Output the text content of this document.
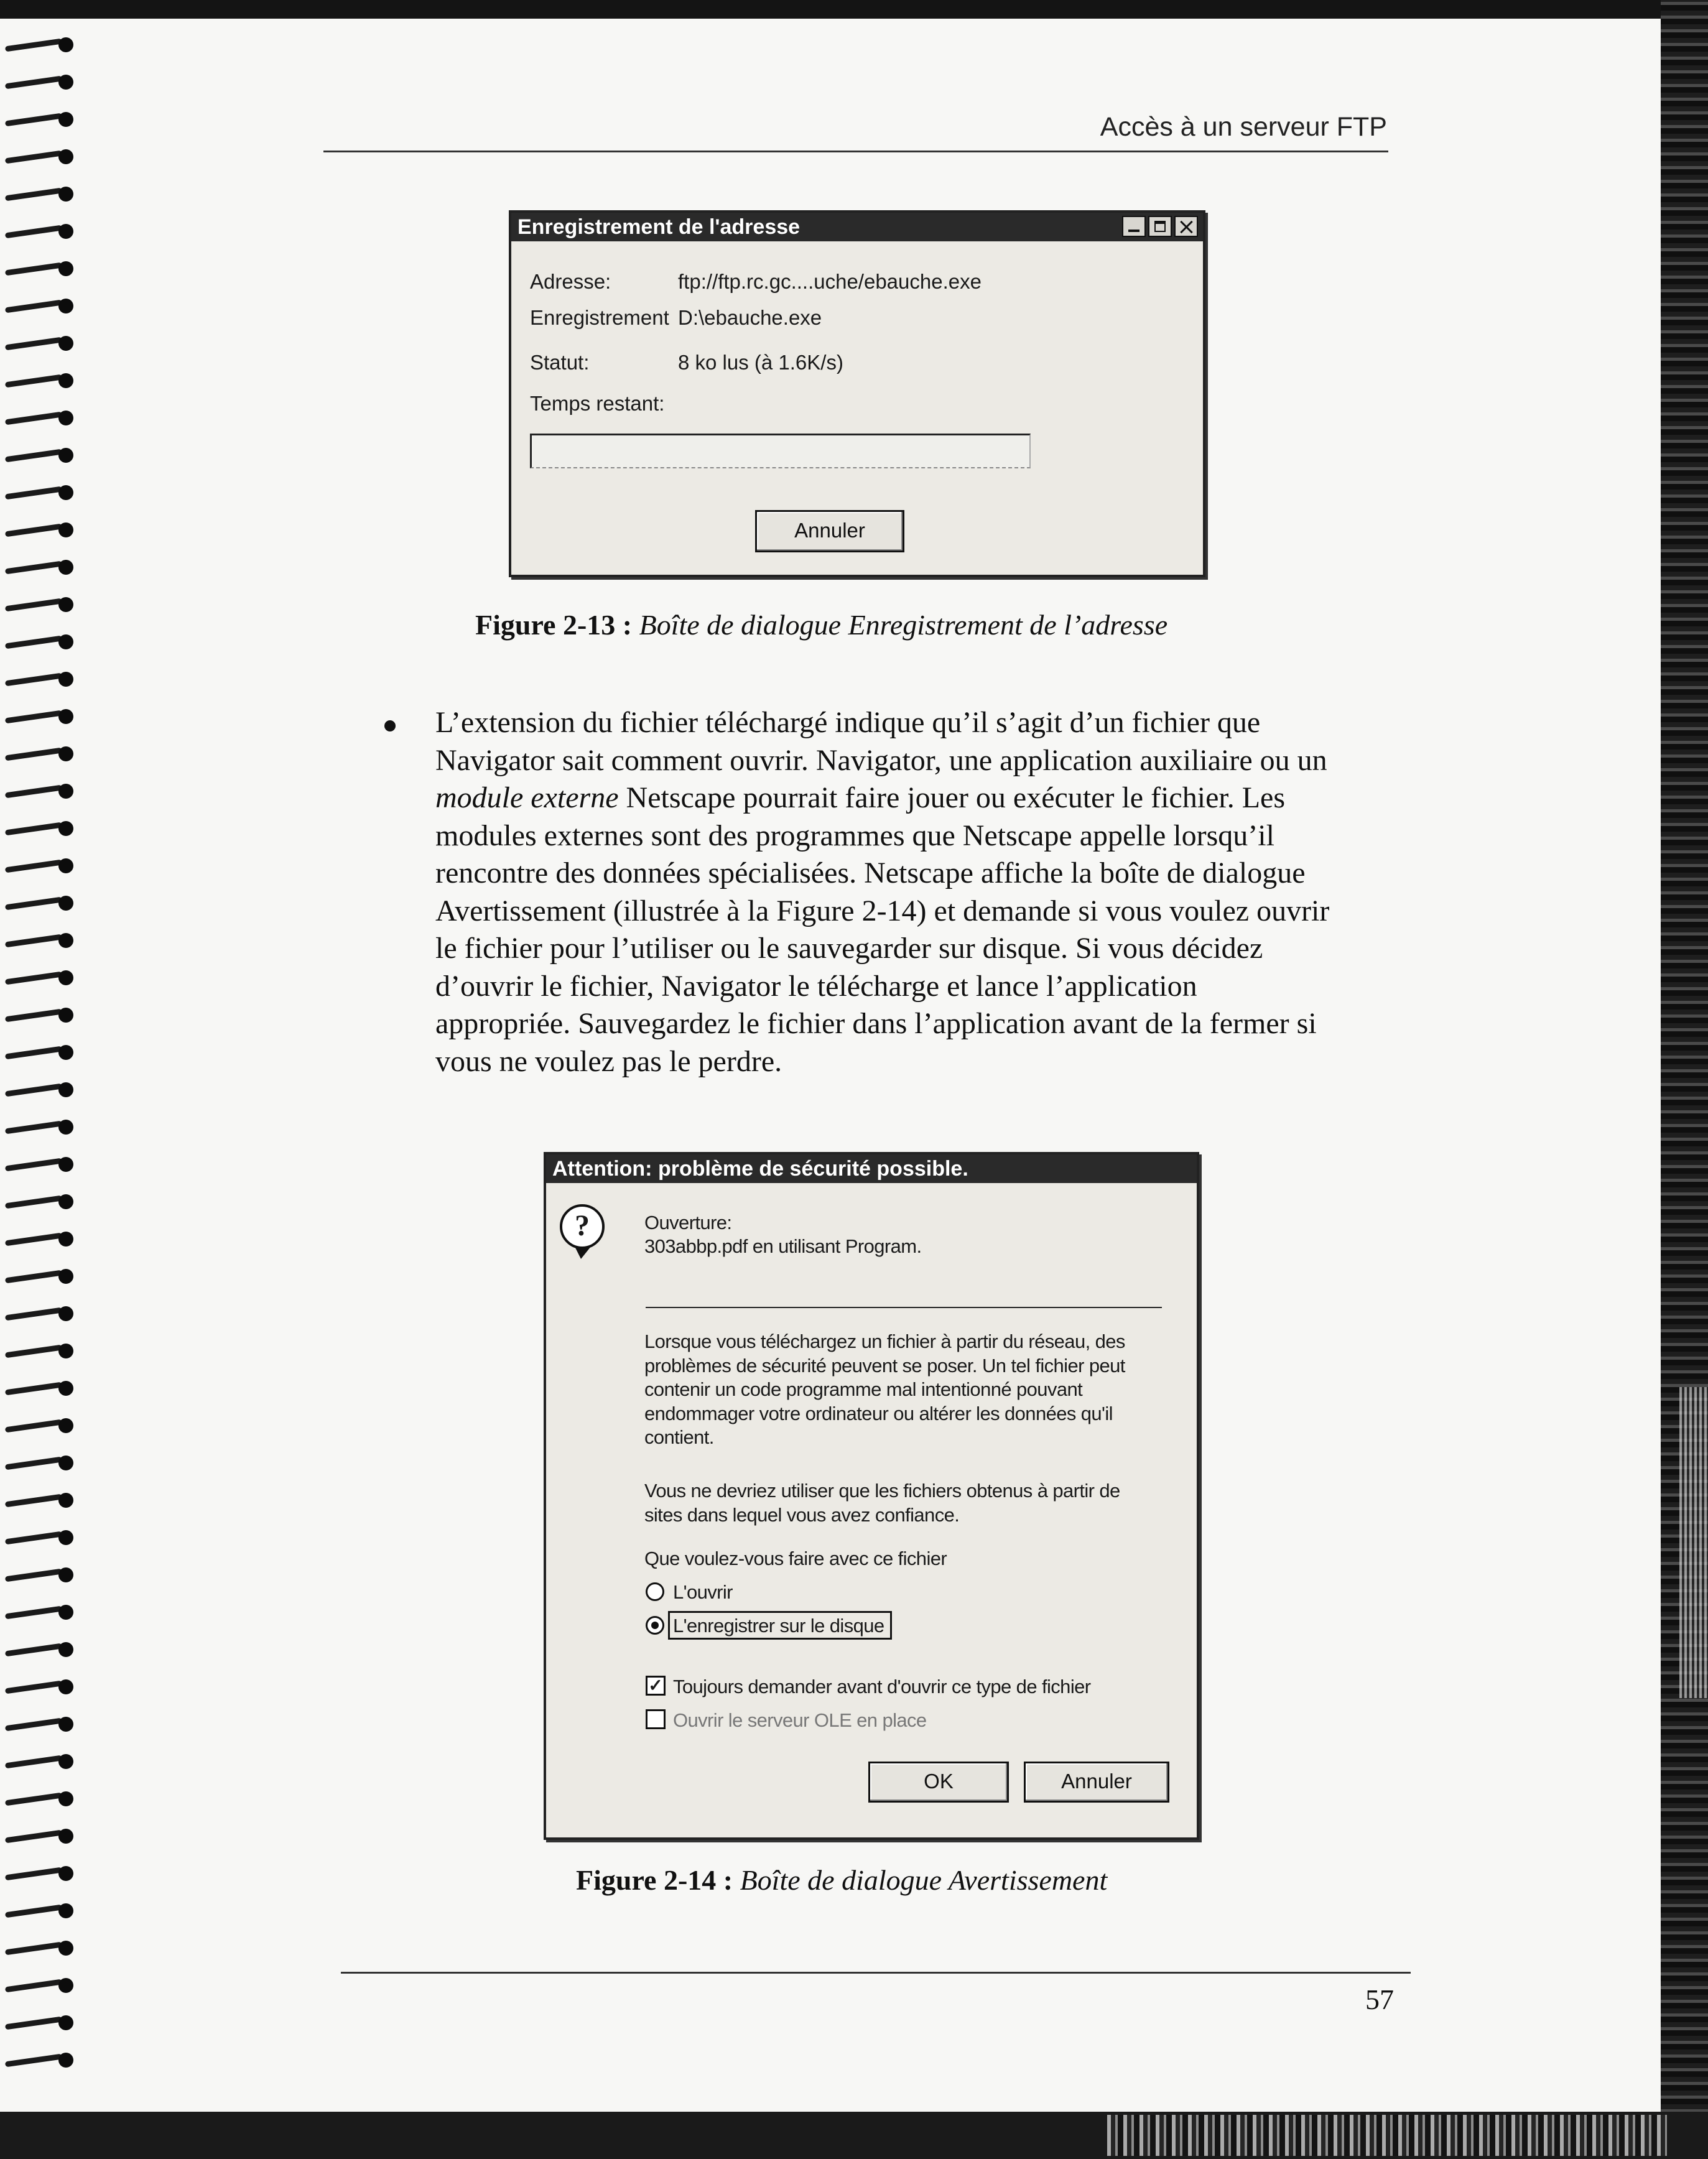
Accès à un serveur FTP
Enregistrement de l'adresse
Adresse:	ftp://ftp.rc.gc....uche/ebauche.exe
Enregistrement D:\ebauche.exe
Statut:	8 ko lus (à 1.6K/s)
Temps restant:
Annuler

Figure 2-13 : Boîte de dialogue Enregistrement de l’adresse

L’extension du fichier téléchargé indique qu’il s’agit d’un fichier que
Navigator sait comment ouvrir. Navigator, une application auxiliaire ou un
module externe Netscape pourrait faire jouer ou exécuter le fichier. Les
modules externes sont des programmes que Netscape appelle lorsqu’il
rencontre des données spécialisées. Netscape affiche la boîte de dialogue
Avertissement (illustrée à la Figure 2-14) et demande si vous voulez ouvrir
le fichier pour l’utiliser ou le sauvegarder sur disque. Si vous décidez
d’ouvrir le fichier, Navigator le télécharge et lance l’application
appropriée. Sauvegardez le fichier dans l’application avant de la fermer si
vous ne voulez pas le perdre.
Attention: problème de sécurité possible.
?	Ouverture:
303abbp.pdf en utilisant Program.
Lorsque vous téléchargez un fichier à partir du réseau, des
problèmes de sécurité peuvent se poser. Un tel fichier peut
contenir un code programme mal intentionné pouvant
endommager votre ordinateur ou altérer les données qu'il
contient.
Vous ne devriez utiliser que les fichiers obtenus à partir de
sites dans lequel vous avez confiance.
Que voulez-vous faire avec ce fichier
L'ouvrir
L'enregistrer sur le disque
✓ Toujours demander avant d'ouvrir ce type de fichier
Ouvrir le serveur OLE en place
OK	Annuler

Figure 2-14 : Boîte de dialogue Avertissement

57
